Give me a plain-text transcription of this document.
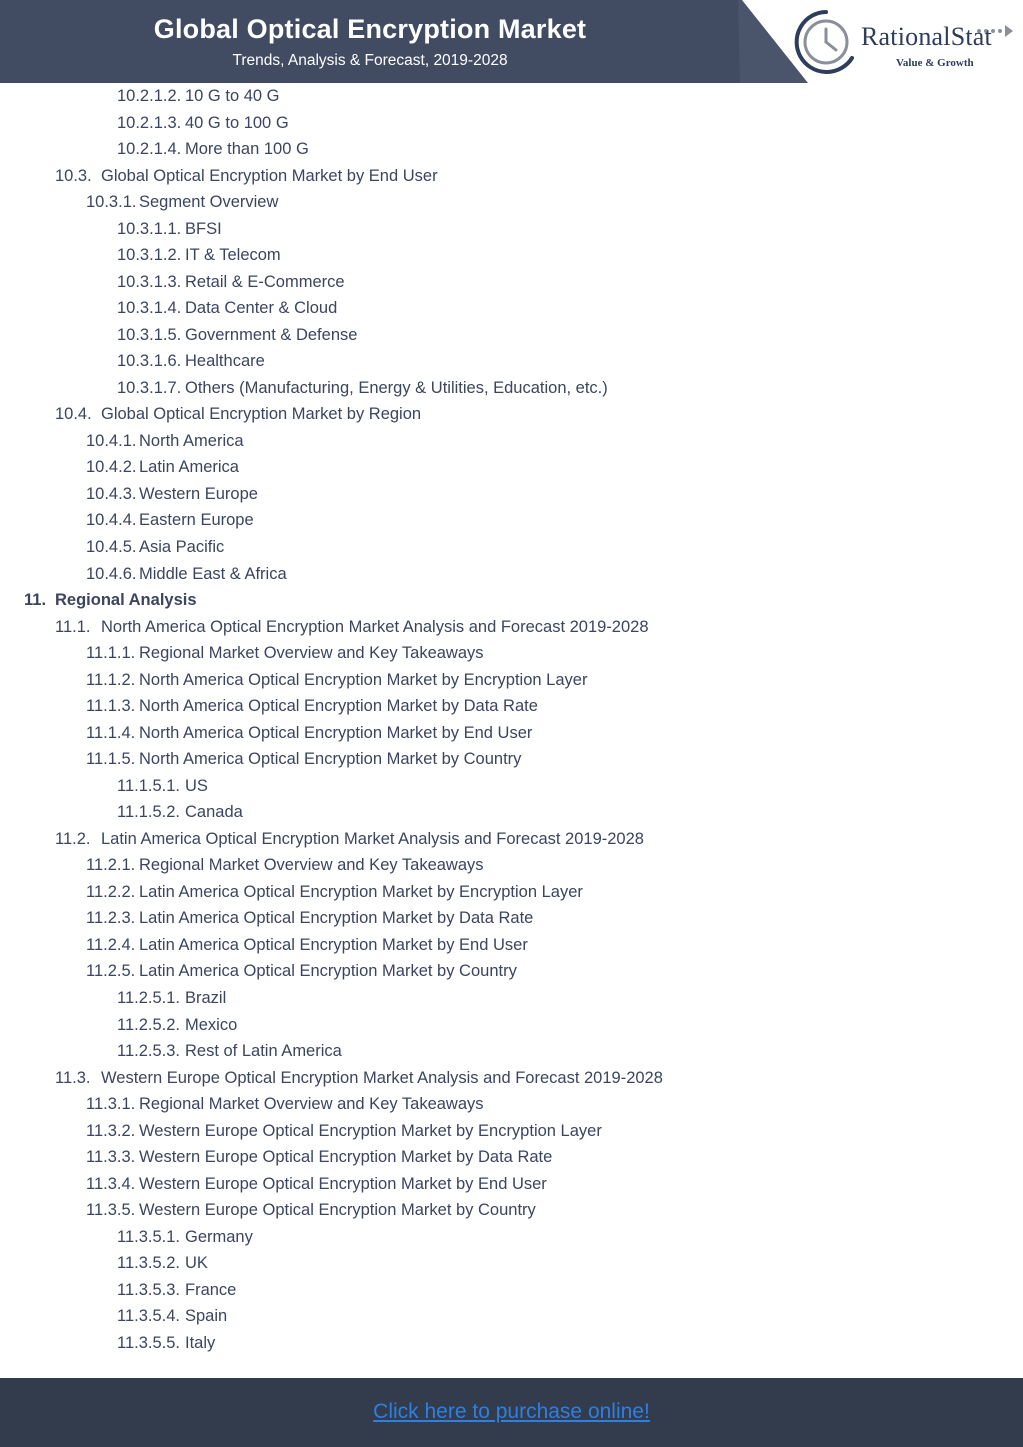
Global Optical Encryption Market
Trends, Analysis & Forecast, 2019-2028
RationalStat
Value & Growth
10.2.1.2. 10 G to 40 G
10.2.1.3. 40 G to 100 G
10.2.1.4. More than 100 G
10.3. Global Optical Encryption Market by End User
10.3.1. Segment Overview
10.3.1.1. BFSI
10.3.1.2. IT & Telecom
10.3.1.3. Retail & E-Commerce
10.3.1.4. Data Center & Cloud
10.3.1.5. Government & Defense
10.3.1.6. Healthcare
10.3.1.7. Others (Manufacturing, Energy & Utilities, Education, etc.)
10.4. Global Optical Encryption Market by Region
10.4.1. North America
10.4.2. Latin America
10.4.3. Western Europe
10.4.4. Eastern Europe
10.4.5. Asia Pacific
10.4.6. Middle East & Africa
11. Regional Analysis
11.1. North America Optical Encryption Market Analysis and Forecast 2019-2028
11.1.1. Regional Market Overview and Key Takeaways
11.1.2. North America Optical Encryption Market by Encryption Layer
11.1.3. North America Optical Encryption Market by Data Rate
11.1.4. North America Optical Encryption Market by End User
11.1.5. North America Optical Encryption Market by Country
11.1.5.1. US
11.1.5.2. Canada
11.2. Latin America Optical Encryption Market Analysis and Forecast 2019-2028
11.2.1. Regional Market Overview and Key Takeaways
11.2.2. Latin America Optical Encryption Market by Encryption Layer
11.2.3. Latin America Optical Encryption Market by Data Rate
11.2.4. Latin America Optical Encryption Market by End User
11.2.5. Latin America Optical Encryption Market by Country
11.2.5.1. Brazil
11.2.5.2. Mexico
11.2.5.3. Rest of Latin America
11.3. Western Europe Optical Encryption Market Analysis and Forecast 2019-2028
11.3.1. Regional Market Overview and Key Takeaways
11.3.2. Western Europe Optical Encryption Market by Encryption Layer
11.3.3. Western Europe Optical Encryption Market by Data Rate
11.3.4. Western Europe Optical Encryption Market by End User
11.3.5. Western Europe Optical Encryption Market by Country
11.3.5.1. Germany
11.3.5.2. UK
11.3.5.3. France
11.3.5.4. Spain
11.3.5.5. Italy
Click here to purchase online!
